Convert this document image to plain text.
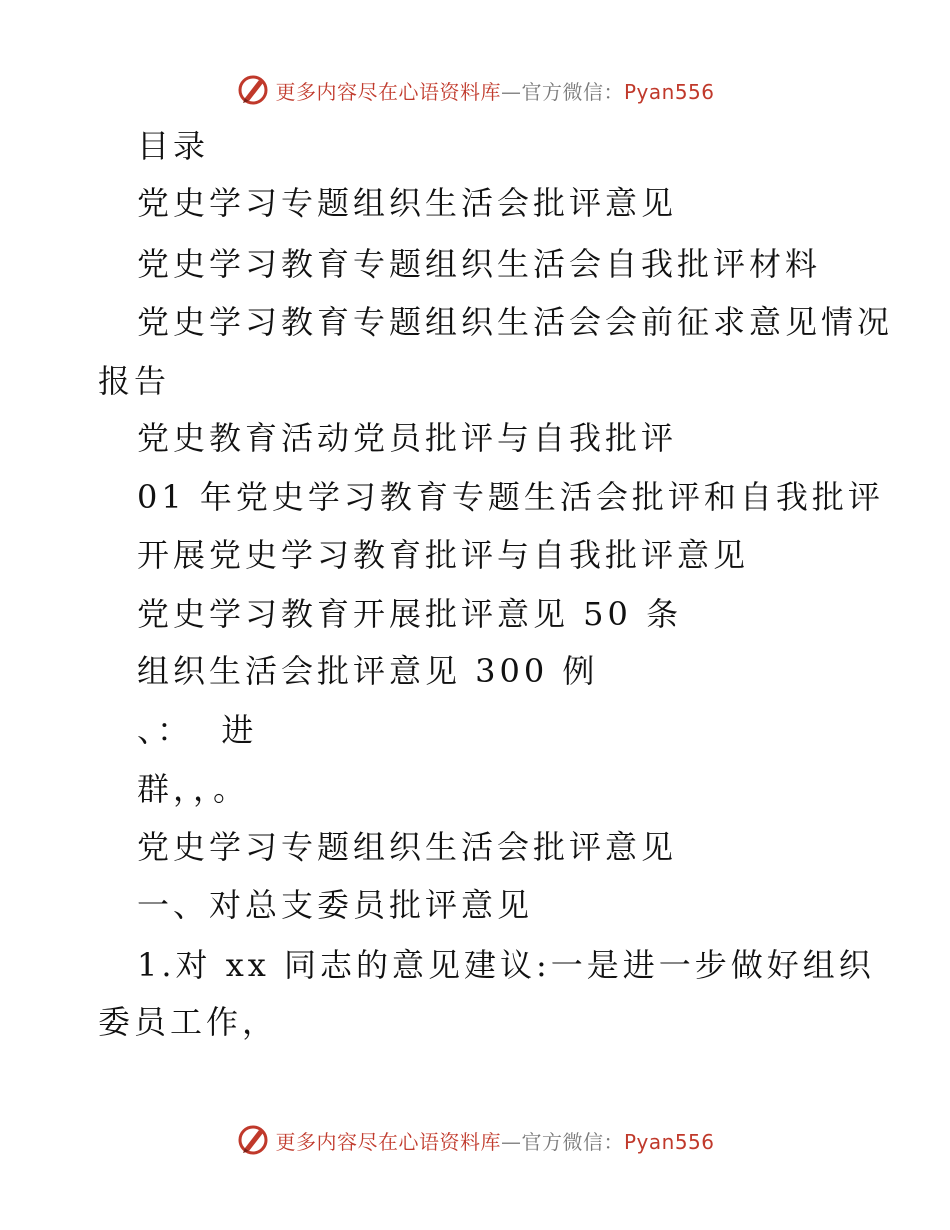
更多内容尽在心语资料库—官方微信：Pyan556
目录
党史学习专题组织生活会批评意见
党史学习教育专题组织生活会自我批评材料
党史学习教育专题组织生活会会前征求意见情况
报告
党史教育活动党员批评与自我批评
01 年党史学习教育专题生活会批评和自我批评
开展党史学习教育批评与自我批评意见
党史学习教育开展批评意见 50 条
组织生活会批评意见 300 例
、：  进
群，，。
党史学习专题组织生活会批评意见
一、对总支委员批评意见
1.对 xx 同志的意见建议:一是进一步做好组织
委员工作，
更多内容尽在心语资料库—官方微信：Pyan556
